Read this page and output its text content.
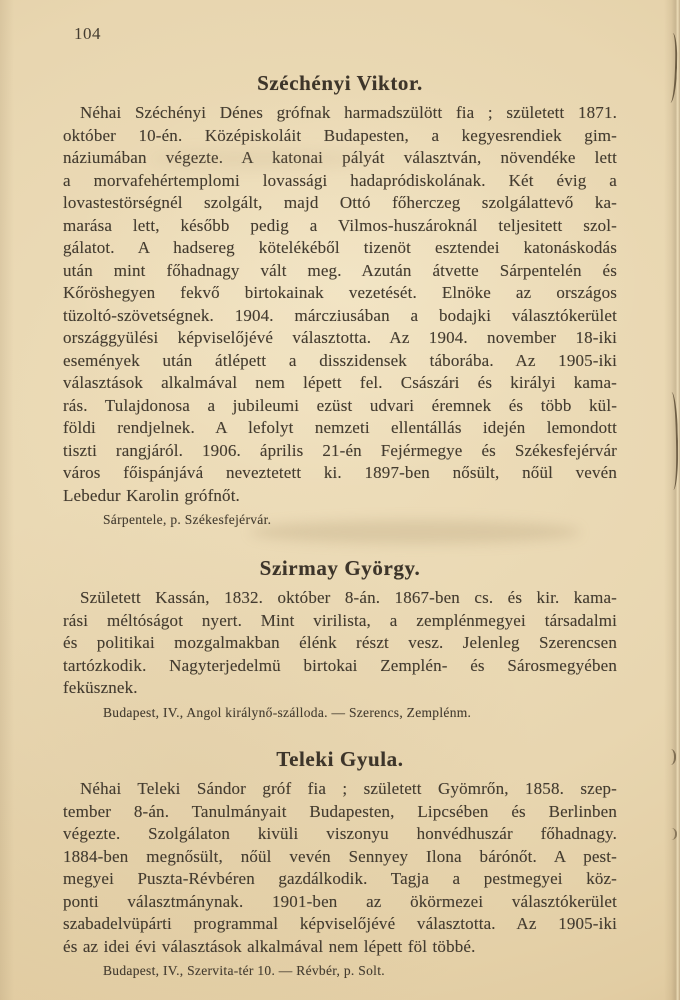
104
Széchényi Viktor.
Néhai Széchényi Dénes grófnak harmadszülött fia ; született 1871.
október 10-én. Középiskoláit Budapesten, a kegyesrendiek gim-
náziumában végezte. A katonai pályát választván, növendéke lett
a morvafehértemplomi lovassági hadapródiskolának. Két évig a
lovastestörségnél szolgált, majd Ottó főherczeg szolgálattevő ka-
marása lett, később pedig a Vilmos-huszároknál teljesitett szol-
gálatot. A hadsereg kötelékéből tizenöt esztendei katonáskodás
után mint főhadnagy vált meg. Azután átvette Sárpentelén és
Kőröshegyen fekvő birtokainak vezetését. Elnöke az országos
tüzoltó-szövetségnek. 1904. márcziusában a bodajki választókerület
országgyülési képviselőjévé választotta. Az 1904. november 18-iki
események után átlépett a disszidensek táborába. Az 1905-iki
választások alkalmával nem lépett fel. Császári és királyi kama-
rás. Tulajdonosa a jubileumi ezüst udvari éremnek és több kül-
földi rendjelnek. A lefolyt nemzeti ellentállás idején lemondott
tiszti rangjáról. 1906. április 21-én Fejérmegye és Székesfejérvár
város főispánjává neveztetett ki. 1897-ben nősült, nőül vevén
Lebedur Karolin grófnőt.
Sárpentele, p. Székesfejérvár.
Szirmay György.
Született Kassán, 1832. október 8-án. 1867-ben cs. és kir. kama-
rási méltóságot nyert. Mint virilista, a zemplénmegyei társadalmi
és politikai mozgalmakban élénk részt vesz. Jelenleg Szerencsen
tartózkodik. Nagyterjedelmü birtokai Zemplén- és Sárosmegyében
feküsznek.
Budapest, IV., Angol királynő-szálloda. — Szerencs, Zemplénm.
Teleki Gyula.
Néhai Teleki Sándor gróf fia ; született Gyömrőn, 1858. szep-
tember 8-án. Tanulmányait Budapesten, Lipcsében és Berlinben
végezte. Szolgálaton kivüli viszonyu honvédhuszár főhadnagy.
1884-ben megnősült, nőül vevén Sennyey Ilona bárónőt. A pest-
megyei Puszta-Révbéren gazdálkodik. Tagja a pestmegyei köz-
ponti választmánynak. 1901-ben az ökörmezei választókerület
szabadelvüpárti programmal képviselőjévé választotta. Az 1905-iki
és az idei évi választások alkalmával nem lépett föl többé.
Budapest, IV., Szervita-tér 10. — Révbér, p. Solt.
